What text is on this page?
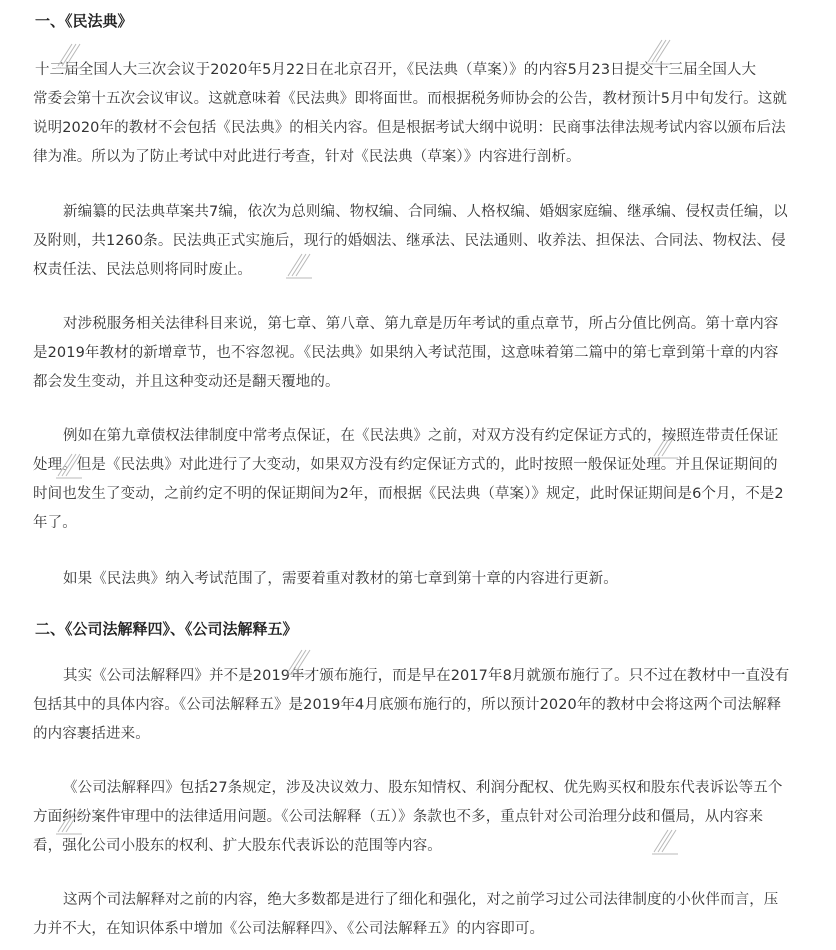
一、《民法典》
十三届全国人大三次会议于2020年5月22日在北京召开，《民法典（草案）》的内容5月23日提交十三届全国人大
常委会第十五次会议审议。这就意味着《民法典》即将面世。而根据税务师协会的公告，教材预计5月中旬发行。这就
说明2020年的教材不会包括《民法典》的相关内容。但是根据考试大纲中说明：民商事法律法规考试内容以颁布后法
律为准。所以为了防止考试中对此进行考查，针对《民法典（草案）》内容进行剖析。
新编纂的民法典草案共7编，依次为总则编、物权编、合同编、人格权编、婚姻家庭编、继承编、侵权责任编，以
及附则，共1260条。民法典正式实施后，现行的婚姻法、继承法、民法通则、收养法、担保法、合同法、物权法、侵
权责任法、民法总则将同时废止。
对涉税服务相关法律科目来说，第七章、第八章、第九章是历年考试的重点章节，所占分值比例高。第十章内容
是2019年教材的新增章节，也不容忽视。《民法典》如果纳入考试范围，这意味着第二篇中的第七章到第十章的内容
都会发生变动，并且这种变动还是翻天覆地的。
例如在第九章债权法律制度中常考点保证，在《民法典》之前，对双方没有约定保证方式的，按照连带责任保证
处理。但是《民法典》对此进行了大变动，如果双方没有约定保证方式的，此时按照一般保证处理。并且保证期间的
时间也发生了变动，之前约定不明的保证期间为2年，而根据《民法典（草案）》规定，此时保证期间是6个月，不是2
年了。
如果《民法典》纳入考试范围了，需要着重对教材的第七章到第十章的内容进行更新。
二、《公司法解释四》、《公司法解释五》
其实《公司法解释四》并不是2019年才颁布施行，而是早在2017年8月就颁布施行了。只不过在教材中一直没有
包括其中的具体内容。《公司法解释五》是2019年4月底颁布施行的，所以预计2020年的教材中会将这两个司法解释
的内容裹括进来。
《公司法解释四》包括27条规定，涉及决议效力、股东知情权、利润分配权、优先购买权和股东代表诉讼等五个
方面纠纷案件审理中的法律适用问题。《公司法解释（五）》条款也不多，重点针对公司治理分歧和僵局，从内容来
看，强化公司小股东的权利、扩大股东代表诉讼的范围等内容。
这两个司法解释对之前的内容，绝大多数都是进行了细化和强化，对之前学习过公司法律制度的小伙伴而言，压
力并不大，在知识体系中增加《公司法解释四》、《公司法解释五》的内容即可。
